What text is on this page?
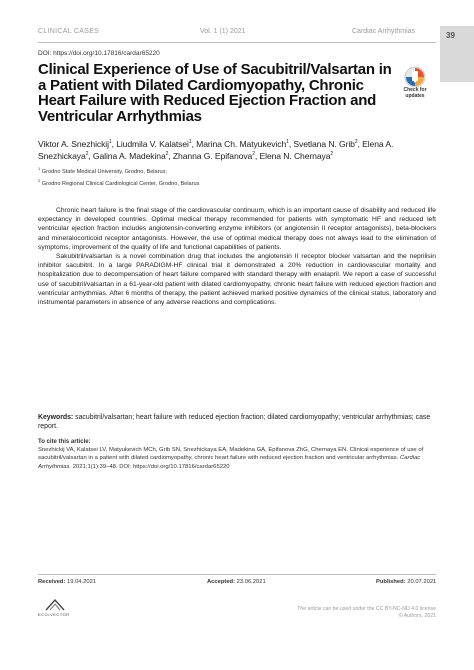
CLINICAL CASES	Vol. 1 (1) 2021	Cardiac Arrhythmias	39
DOI: https://doi.org/10.17816/cardar65220
Check for
updates
Clinical Experience of Use of Sacubitril/Valsartan in a Patient with Dilated Cardiomyopathy, Chronic Heart Failure with Reduced Ejection Fraction and Ventricular Arrhythmias
Viktor A. Snezhickij$^1$, Liudmila V. Kalatsei$^1$, Marina Ch. Matyukevich$^1$, Svetlana N. Grib$^2$, Elena A. Snezhickaya$^2$, Galina A. Madekina$^2$, Zhanna G. Epifanova$^2$, Elena N. Chernaya$^2$
$^1$ Grodno State Medical University, Grodno, Belarus;
$^2$ Grodno Regional Clinical Cardiological Center, Grodno, Belarus

Chronic heart failure is the final stage of the cardiovascular continuum, which is an important cause of disability and reduced life expectancy in developed countries. Optimal medical therapy recommended for patients with symptomatic HF and reduced left ventricular ejection fraction includes angiotensin-converting enzyme inhibitors (or angiotensin II receptor antagonists), beta-blockers and mineralocorticoid receptor antagonists. However, the use of optimal medical therapy does not always lead to the elimination of symptoms, improvement of the quality of life and functional capabilities of patients.

Sakubitril/valsartan is a novel combination drug that includes the angiotensin II receptor blocker valsartan and the neprilisin inhibitor sacubitril. In a large PARADIGM-HF clinical trial it demonstrated a 20% reduction in cardiovascular mortality and hospitalization due to decompensation of heart failure compared with standard therapy with enalapril. We report a case of successful use of sacubitril/valsartan in a 61-year-old patient with dilated cardiomyopathy, chronic heart failure with reduced ejection fraction and ventricular arrhythmias. After 6 months of therapy, the patient achieved marked positive dynamics of the clinical status, laboratory and instrumental parameters in absence of any adverse reactions and complications.

Keywords: sacubitril/valsartan; heart failure with reduced ejection fraction; dilated cardiomyopathy; ventricular arrhythmias; case report.
To cite this article:
Snezhickij VA, Kalatsei LV, Matyukevich MCh, Grib SN, Snezhickaya EA, Madekina GA, Epifanova ZhG, Chernaya EN. Clinical experience of use of sacubitril/valsartan in a patient with dilated cardiomyopathy, chronic heart failure with reduced ejection fraction and ventricular arrhythmias. Cardiac Arrhythmias. 2021;1(1):39–48. DOI: https://doi.org/10.17816/cardar65220
Received: 19.04.2021	Accepted: 23.06.2021	Published: 20.07.2021
ECO•VECTOR
The article can be used under the CC BY-NC-ND 4.0 license
© Authors, 2021
